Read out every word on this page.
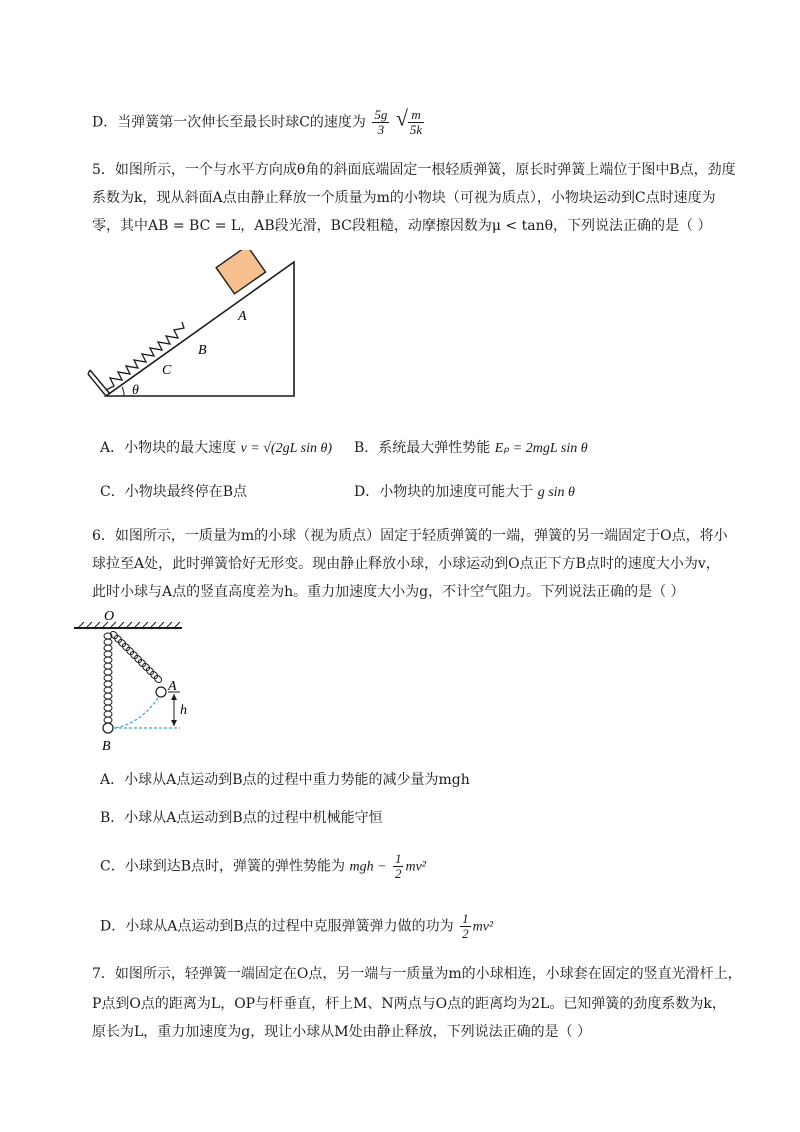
D．当弹簧第一次伸长至最长时球C的速度为 $\frac{5g}{3}$ √ $\frac{m}{5k}$
5．如图所示，一个与水平方向成θ角的斜面底端固定一根轻质弹簧，原长时弹簧上端位于图中B点，劲度
系数为k，现从斜面A点由静止释放一个质量为m的小物块（可视为质点），小物块运动到C点时速度为
零，其中AB = BC = L，AB段光滑，BC段粗糙，动摩擦因数为μ < tanθ，下列说法正确的是（ ）
θ
C
B
A
A．小物块的最大速度 v = √(2gL sin θ) B．系统最大弹性势能 Eₚ = 2mgL sin θ
C．小物块最终停在B点	D．小物块的加速度可能大于 g sin θ
6．如图所示，一质量为m的小球（视为质点）固定于轻质弹簧的一端，弹簧的另一端固定于O点，将小
球拉至A处，此时弹簧恰好无形变。现由静止释放小球，小球运动到O点正下方B点时的速度大小为v，
此时小球与A点的竖直高度差为h。重力加速度大小为g，不计空气阻力。下列说法正确的是（ ）
O
A
B
h
A．小球从A点运动到B点的过程中重力势能的减少量为mgh
B．小球从A点运动到B点的过程中机械能守恒
C．小球到达B点时，弹簧的弹性势能为 mgh − $\frac{1}{2} mv^2$
D．小球从A点运动到B点的过程中克服弹簧弹力做的功为 $\frac{1}{2} mv^2$
7．如图所示，轻弹簧一端固定在O点，另一端与一质量为m的小球相连，小球套在固定的竖直光滑杆上，
P点到O点的距离为L，OP与杆垂直，杆上M、N两点与O点的距离均为2L。已知弹簧的劲度系数为k，
原长为L，重力加速度为g，现让小球从M处由静止释放，下列说法正确的是（ ）
